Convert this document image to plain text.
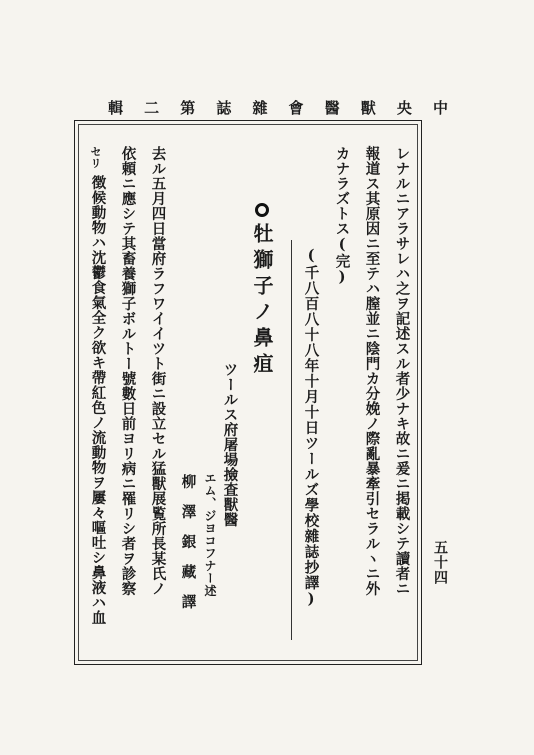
中
央
獸
醫
會
雜
誌
第
二
輯
レナルニアラサレハ之ヲ記述スル者少ナキ故ニ爰ニ掲載シテ讀者ニ
報道ス其原因ニ至テハ膣並ニ陰門カ分娩ノ際亂暴牽引セラルヽニ外
カナラズトス(完)
(千八百八十八年十月十日ツールズ學校雜誌抄譯)
牡獅子ノ鼻疽
ツールス府屠場撿査獸醫
エム、ジヨコフナー述
柳　澤　銀　藏　譯
去ル五月四日當府ラフワイイツト街ニ設立セル猛獸展覧所長某氏ノ
依頼ニ應シテ其畜養獅子ボルトー號數日前ヨリ病ニ罹リシ者ヲ診察
セリ
徴候動物ハ沈鬱食氣全ク欲キ帶紅色ノ流動物ヲ屢々嘔吐シ鼻液ハ血	五十四
